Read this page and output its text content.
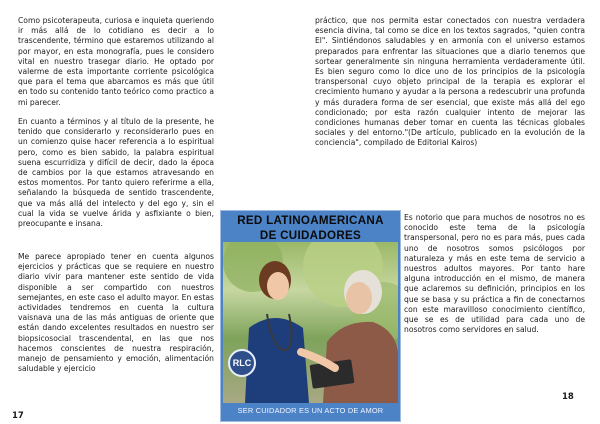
Como psicoterapeuta, curiosa e inquieta queriendo ir más allá de lo cotidiano es decir a lo trascendente, término que estaremos utilizando al por mayor, en esta monografía, pues le considero vital en nuestro trasegar diario. He optado por valerme de esta importante corriente psicológica que para el tema que abarcamos es más que útil en todo su contenido tanto teórico como practico a mi parecer.

En cuanto a términos y al título de la presente, he tenido que considerarlo y reconsiderarlo pues en un comienzo quise hacer referencia a lo espiritual pero, como es bien sabido, la palabra espiritual suena escurridiza y difícil de decir, dado la época de cambios por la que estamos atravesando en estos momentos. Por tanto quiero referirme a ella, señalando la búsqueda de sentido trascendente, que va más allá del intelecto y del ego y, sin el cual la vida se vuelve árida y asfixiante o bien, preocupante e insana.

Me parece apropiado tener en cuenta algunos ejercicios y prácticas que se requiere en nuestro diario vivir para mantener este sentido de vida disponible a ser compartido con nuestros semejantes, en este caso el adulto mayor. En estas actividades tendremos en cuenta la cultura vaisnava una de las más antiguas de oriente que están dando excelentes resultados en nuestro ser biopsicosocial trascendental, en las que nos hacemos conscientes de nuestra respiración, manejo de pensamiento y emoción, alimentación saludable y ejercicio

17

práctico, que nos permita estar conectados con nuestra verdadera esencia divina, tal como se dice en los textos sagrados, "quien contra El". Sintiéndonos saludables y en armonía con el universo estamos preparados para enfrentar las situaciones que a diario tenemos que sortear generalmente sin ninguna herramienta verdaderamente útil. Es bien seguro como lo dice uno de los principios de la psicología transpersonal cuyo objeto principal de la terapia es explorar el crecimiento humano y ayudar a la persona a redescubrir una profunda y más duradera forma de ser esencial, que existe más allá del ego condicionado; por esta razón cualquier intento de mejorar las condiciones humanas deber tomar en cuenta las técnicas globales sociales y del entorno."(De artículo, publicado en la evolución de la conciencia", compilado de Editorial Kairos)

Es notorio que para muchos de nosotros no es conocido este tema de la psicología transpersonal, pero no es para más, pues cada uno de nosotros somos psicólogos por naturaleza y más en este tema de servicio a nuestros adultos mayores. Por tanto hare alguna introducción en el mismo, de manera que aclaremos su definición, principios en los que se basa y su práctica a fin de conectarnos con este maravilloso conocimiento científico, que se es de utilidad para cada uno de nosotros como servidores en salud.

18
RED LATINOAMERICANA
DE CUIDADORES
RLC
SER CUIDADOR ES UN ACTO DE AMOR
